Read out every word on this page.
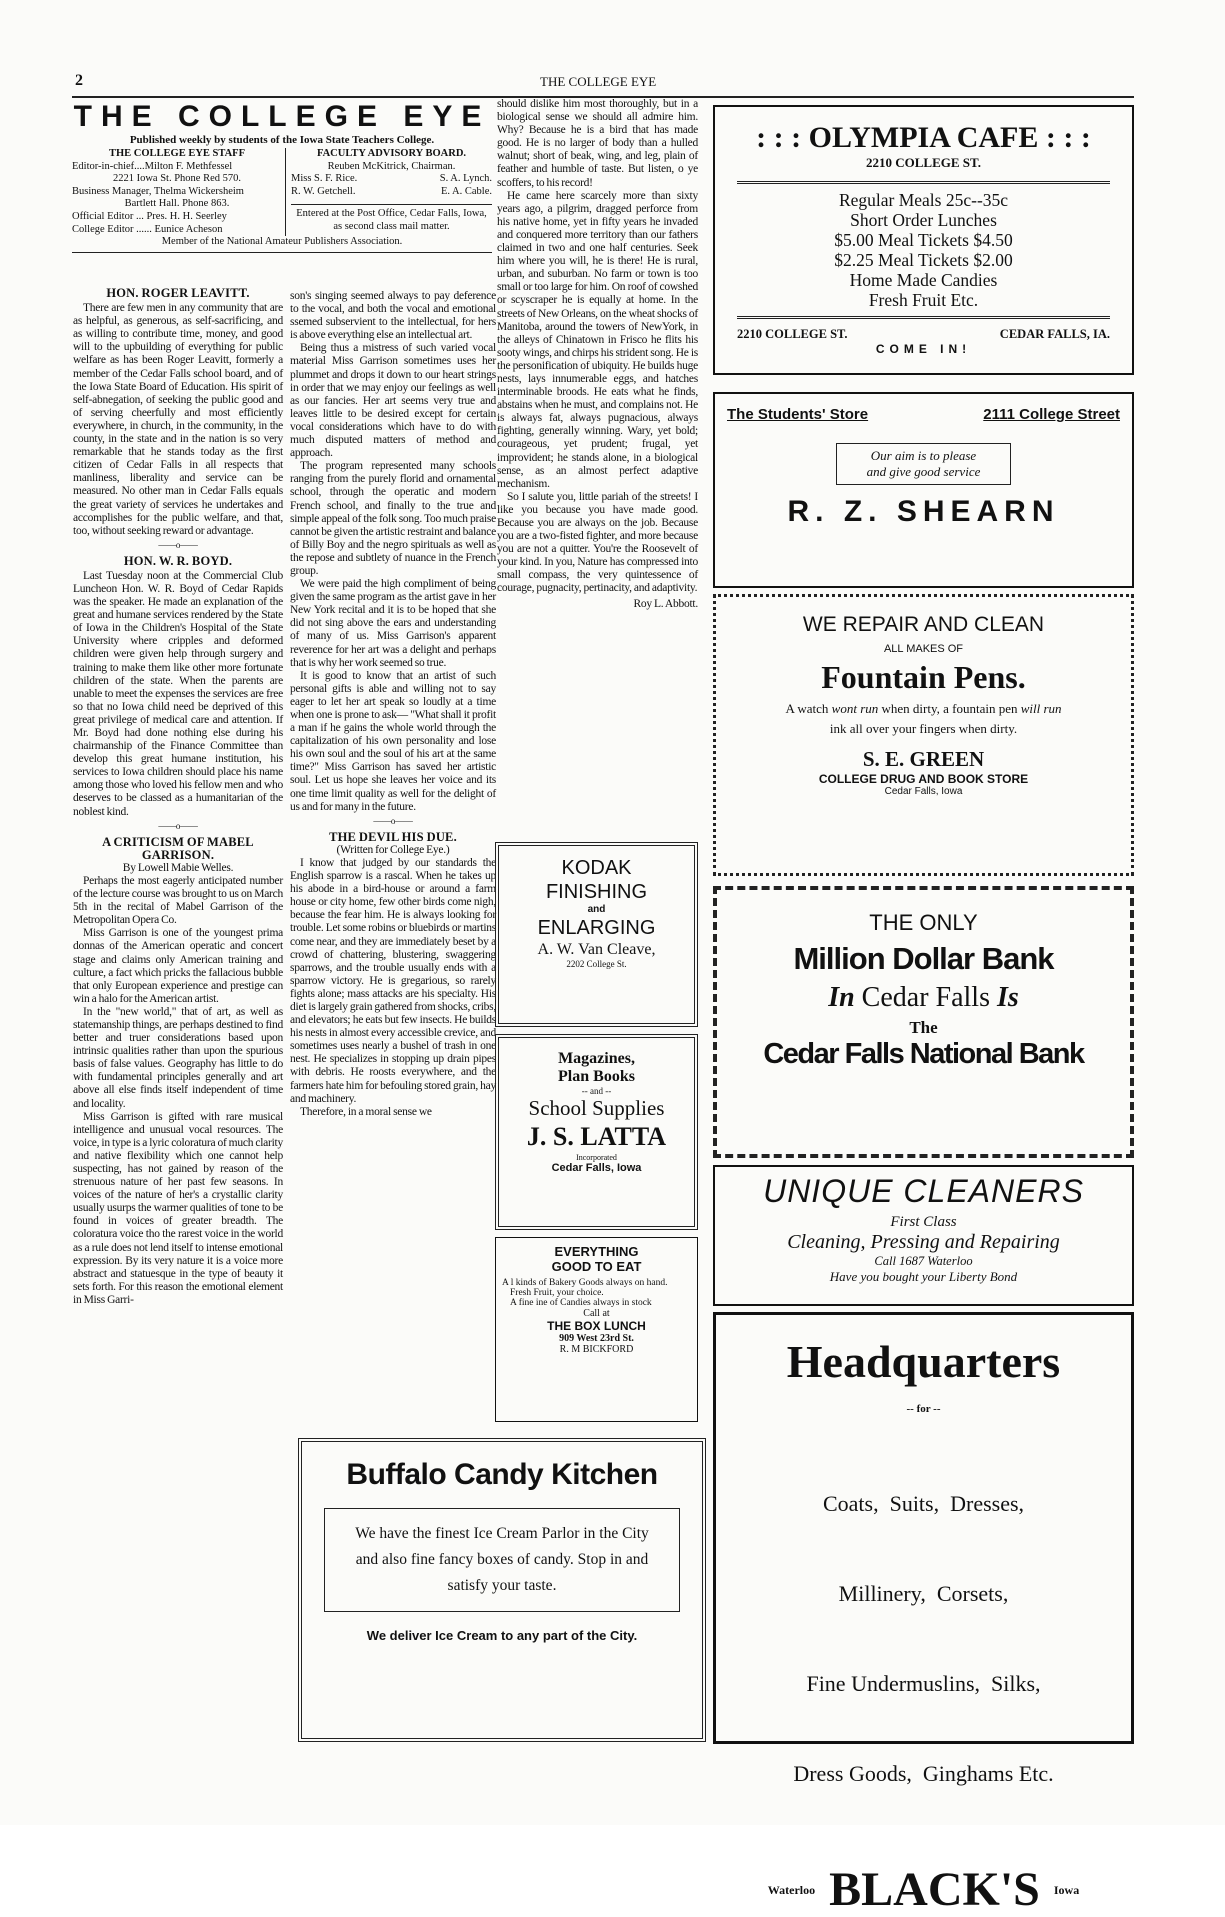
2	THE COLLEGE EYE
THE COLLEGE EYE
Published weekly by students of the Iowa State Teachers College.
THE COLLEGE EYE STAFF
Editor-in-chief....Milton F. Methfessel
2221 Iowa St. Phone Red 570.
Business Manager, Thelma Wickersheim
Bartlett Hall. Phone 863.
Official Editor ... Pres. H. H. Seerley
College Editor ...... Eunice Acheson
FACULTY ADVISORY BOARD.
Reuben McKitrick, Chairman.
Miss S. F. Rice.	S. A. Lynch.
R. W. Getchell.	E. A. Cable.
Entered at the Post Office, Cedar Falls, Iowa, as second class mail matter.
Member of the National Amateur Publishers Association.
HON. ROGER LEAVITT.

There are few men in any community that are as helpful, as generous, as self-sacrificing, and as willing to contribute time, money, and good will to the upbuilding of everything for public welfare as has been Roger Leavitt, formerly a member of the Cedar Falls school board, and of the Iowa State Board of Education. His spirit of self-abnegation, of seeking the public good and of serving cheerfully and most efficiently everywhere, in church, in the community, in the county, in the state and in the nation is so very remarkable that he stands today as the first citizen of Cedar Falls in all respects that manliness, liberality and service can be measured. No other man in Cedar Falls equals the great variety of services he undertakes and accomplishes for the public welfare, and that, too, without seeking reward or advantage.

——o——
HON. W. R. BOYD.

Last Tuesday noon at the Commercial Club Luncheon Hon. W. R. Boyd of Cedar Rapids was the speaker. He made an explanation of the great and humane services rendered by the State of Iowa in the Children's Hospital of the State University where cripples and deformed children were given help through surgery and training to make them like other more fortunate children of the state. When the parents are unable to meet the expenses the services are free so that no Iowa child need be deprived of this great privilege of medical care and attention. If Mr. Boyd had done nothing else during his chairmanship of the Finance Committee than develop this great humane institution, his services to Iowa children should place his name among those who loved his fellow men and who deserves to be classed as a humanitarian of the noblest kind.

——o——
A CRITICISM OF MABEL GARRISON.
By Lowell Mabie Welles.

Perhaps the most eagerly anticipated number of the lecture course was brought to us on March 5th in the recital of Mabel Garrison of the Metropolitan Opera Co.

Miss Garrison is one of the youngest prima donnas of the American operatic and concert stage and claims only American training and culture, a fact which pricks the fallacious bubble that only European experience and prestige can win a halo for the American artist.

In the "new world," that of art, as well as statemanship things, are perhaps destined to find better and truer considerations based upon intrinsic qualities rather than upon the spurious basis of false values. Geography has little to do with fundamental principles generally and art above all else finds itself independent of time and locality.

Miss Garrison is gifted with rare musical intelligence and unusual vocal resources. The voice, in type is a lyric coloratura of much clarity and native flexibility which one cannot help suspecting, has not gained by reason of the strenuous nature of her past few seasons. In voices of the nature of her's a crystallic clarity usually usurps the warmer qualities of tone to be found in voices of greater breadth. The coloratura voice tho the rarest voice in the world as a rule does not lend itself to intense emotional expression. By its very nature it is a voice more abstract and statuesque in the type of beauty it sets forth. For this reason the emotional element in Miss Garri-

son's singing seemed always to pay deference to the vocal, and both the vocal and emotional ssemed subservient to the intellectual, for hers is above everything else an intellectual art.

Being thus a mistress of such varied vocal material Miss Garrison sometimes uses her plummet and drops it down to our heart strings in order that we may enjoy our feelings as well as our fancies. Her art seems very true and leaves little to be desired except for certain vocal considerations which have to do with much disputed matters of method and approach.

The program represented many schools ranging from the purely florid and ornamental school, through the operatic and modern French school, and finally to the true and simple appeal of the folk song. Too much praise cannot be given the artistic restraint and balance of Billy Boy and the negro spirituals as well as the repose and subtlety of nuance in the French group.

We were paid the high compliment of being given the same program as the artist gave in her New York recital and it is to be hoped that she did not sing above the ears and understanding of many of us. Miss Garrison's apparent reverence for her art was a delight and perhaps that is why her work seemed so true.

It is good to know that an artist of such personal gifts is able and willing not to say eager to let her art speak so loudly at a time when one is prone to ask— "What shall it profit a man if he gains the whole world through the capitalization of his own personality and lose his own soul and the soul of his art at the same time?" Miss Garrison has saved her artistic soul. Let us hope she leaves her voice and its one time limit quality as well for the delight of us and for many in the future.

——o——
THE DEVIL HIS DUE.
(Written for College Eye.)

I know that judged by our standards the English sparrow is a rascal. When he takes up his abode in a bird-house or around a farm house or city home, few other birds come nigh, because the fear him. He is always looking for trouble. Let some robins or bluebirds or martins come near, and they are immediately beset by a crowd of chattering, blustering, swaggering sparrows, and the trouble usually ends with a sparrow victory. He is gregarious, so rarely fights alone; mass attacks are his specialty. His diet is largely grain gathered from shocks, cribs, and elevators; he eats but few insects. He builds his nests in almost every accessible crevice, and sometimes uses nearly a bushel of trash in one nest. He specializes in stopping up drain pipes with debris. He roosts everywhere, and the farmers hate him for befouling stored grain, hay and machinery.

Therefore, in a moral sense we

should dislike him most thoroughly, but in a biological sense we should all admire him. Why? Because he is a bird that has made good. He is no larger of body than a hulled walnut; short of beak, wing, and leg, plain of feather and humble of taste. But listen, o ye scoffers, to his record!

He came here scarcely more than sixty years ago, a pilgrim, dragged perforce from his native home, yet in fifty years he invaded and conquered more territory than our fathers claimed in two and one half centuries. Seek him where you will, he is there! He is rural, urban, and suburban. No farm or town is too small or too large for him. On roof of cowshed or scyscraper he is equally at home. In the streets of New Orleans, on the wheat shocks of Manitoba, around the towers of NewYork, in the alleys of Chinatown in Frisco he flits his sooty wings, and chirps his strident song. He is the personification of ubiquity. He builds huge nests, lays innumerable eggs, and hatches interminable broods. He eats what he finds, abstains when he must, and complains not. He is always fat, always pugnacious, always fighting, generally winning. Wary, yet bold; courageous, yet prudent; frugal, yet improvident; he stands alone, in a biological sense, as an almost perfect adaptive mechanism.

So I salute you, little pariah of the streets! I like you because you have made good. Because you are always on the job. Because you are a two-fisted fighter, and more because you are not a quitter. You're the Roosevelt of your kind. In you, Nature has compressed into small compass, the very quintessence of courage, pugnacity, pertinacity, and adaptivity.

Roy L. Abbott.
KODAK
FINISHING
and
ENLARGING
A. W. Van Cleave,
2202 College St.
Magazines,
Plan Books
-- and --
School Supplies
J. S. LATTA
Incorporated
Cedar Falls, Iowa
EVERYTHING
GOOD TO EAT
A l kinds of Bakery Goods always on hand.
Fresh Fruit, your choice.
A fine ine of Candies always in stock
Call at
THE BOX LUNCH
909 West 23rd St.
R. M BICKFORD
Buffalo Candy Kitchen
We have the finest Ice Cream Parlor in the City and also fine fancy boxes of candy. Stop in and satisfy your taste.
We deliver Ice Cream to any part of the City.
: : : OLYMPIA CAFE : : :
2210 COLLEGE ST.
Regular Meals 25c--35c
Short Order Lunches
$5.00 Meal Tickets $4.50
$2.25 Meal Tickets $2.00
Home Made Candies
Fresh Fruit Etc.
2210 COLLEGE ST.	CEDAR FALLS, IA.
COME IN!
The Students' Store	2111 College Street
Our aim is to please
and give good service
R. Z. SHEARN
WE REPAIR AND CLEAN
ALL MAKES OF
Fountain Pens.
A watch wont run when dirty, a fountain pen will run
ink all over your fingers when dirty.
S. E. GREEN
COLLEGE DRUG AND BOOK STORE
Cedar Falls, Iowa
THE ONLY
Million Dollar Bank
In Cedar Falls Is
The
Cedar Falls National Bank
UNIQUE CLEANERS
First Class
Cleaning, Pressing and Repairing
Call 1687 Waterloo
Have you bought your Liberty Bond
Headquarters
-- for --

Coats,  Suits,  Dresses,

Millinery,  Corsets,

Fine Undermuslins,  Silks,

Dress Goods,  Ginghams Etc.

Waterloo BLACK'S Iowa
